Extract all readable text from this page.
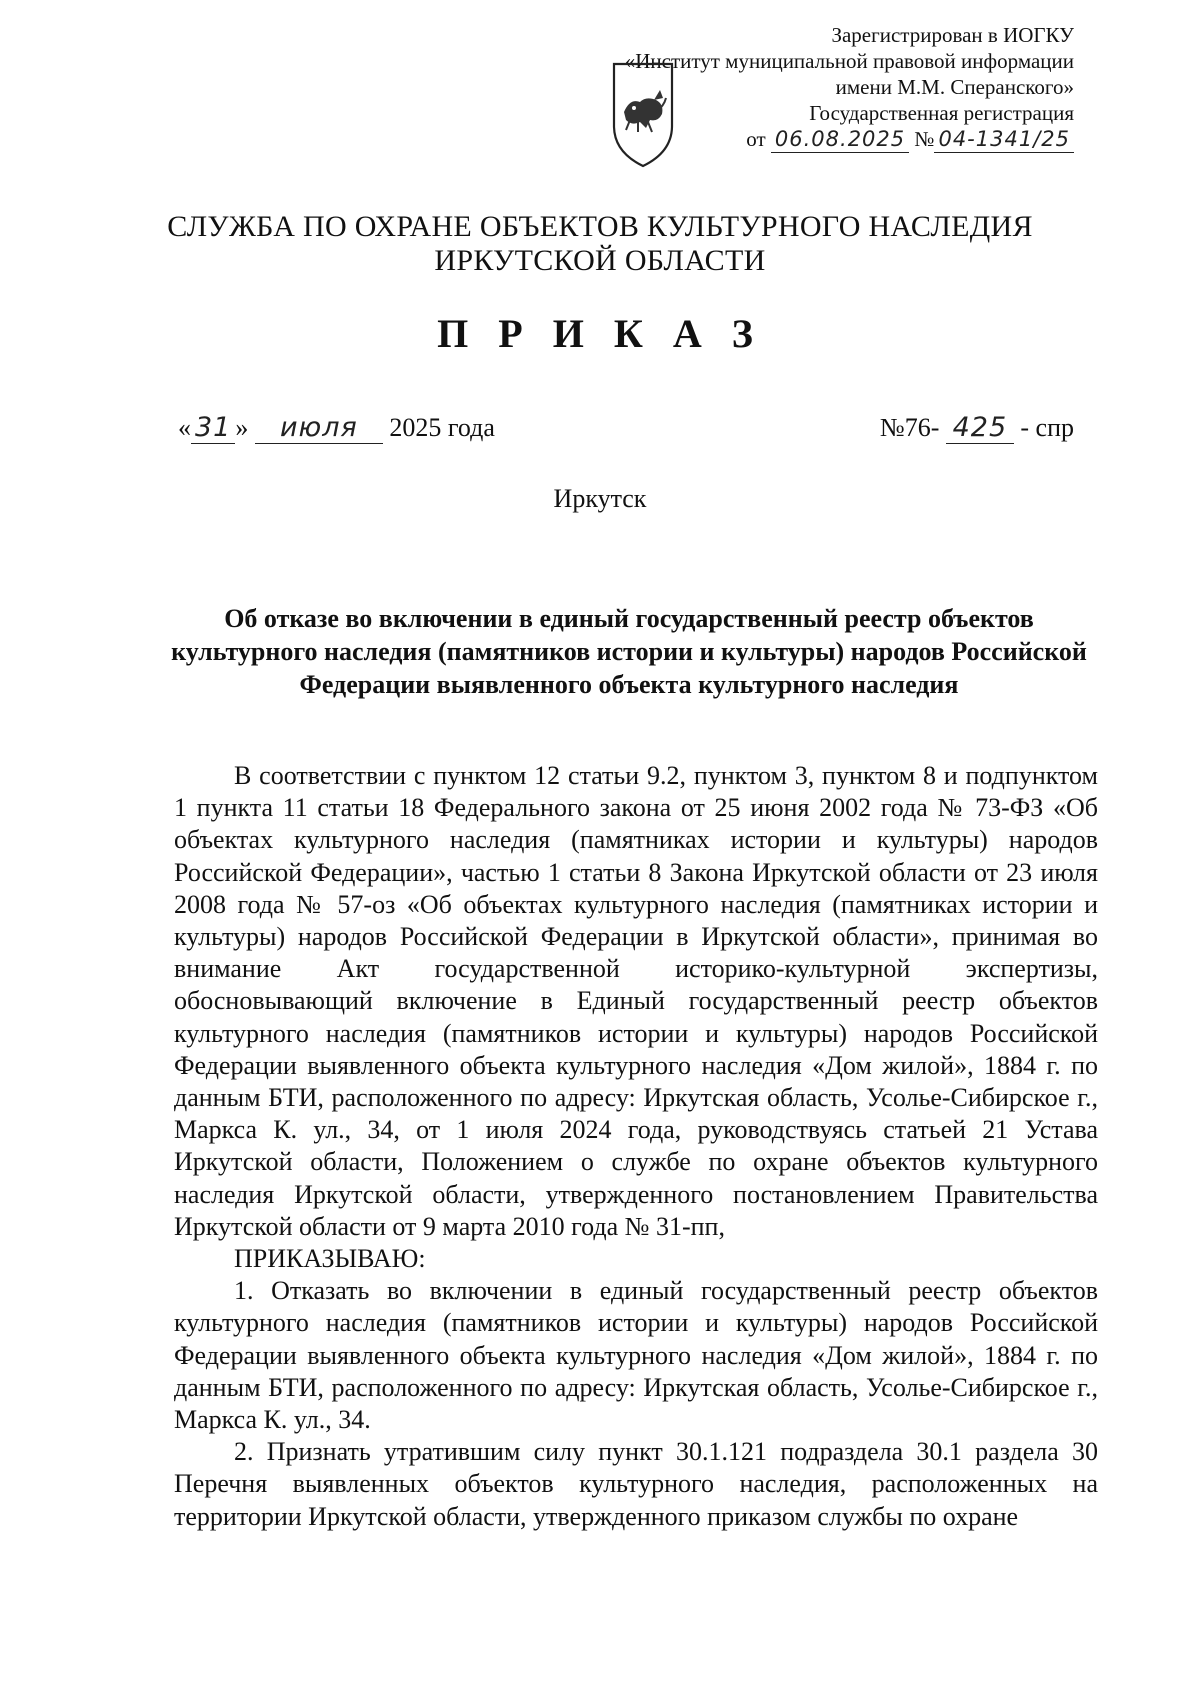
Зарегистрирован в ИОГКУ
«Институт муниципальной правовой информации
имени М.М. Сперанского»
Государственная регистрация
от 06.08.2025 № 04-1341/25
СЛУЖБА ПО ОХРАНЕ ОБЪЕКТОВ КУЛЬТУРНОГО НАСЛЕДИЯ
ИРКУТСКОЙ ОБЛАСТИ
П Р И К А З
« 31 » июля 2025 года	№76- 425 - спр
Иркутск
Об отказе во включении в единый государственный реестр объектов культурного наследия (памятников истории и культуры) народов Российской Федерации выявленного объекта культурного наследия

В соответствии с пунктом 12 статьи 9.2, пунктом 3, пунктом 8 и подпунктом 1 пункта 11 статьи 18 Федерального закона от 25 июня 2002 года № 73-ФЗ «Об объектах культурного наследия (памятниках истории и культуры) народов Российской Федерации», частью 1 статьи 8 Закона Иркутской области от 23 июля 2008 года № 57-оз «Об объектах культурного наследия (памятниках истории и культуры) народов Российской Федерации в Иркутской области», принимая во внимание Акт государственной историко-культурной экспертизы, обосновывающий включение в Единый государственный реестр объектов культурного наследия (памятников истории и культуры) народов Российской Федерации выявленного объекта культурного наследия «Дом жилой», 1884 г. по данным БТИ, расположенного по адресу: Иркутская область, Усолье-Сибирское г., Маркса К. ул., 34, от 1 июля 2024 года, руководствуясь статьей 21 Устава Иркутской области, Положением о службе по охране объектов культурного наследия Иркутской области, утвержденного постановлением Правительства Иркутской области от 9 марта 2010 года № 31-пп,

ПРИКАЗЫВАЮ:

1. Отказать во включении в единый государственный реестр объектов культурного наследия (памятников истории и культуры) народов Российской Федерации выявленного объекта культурного наследия «Дом жилой», 1884 г. по данным БТИ, расположенного по адресу: Иркутская область, Усолье-Сибирское г., Маркса К. ул., 34.

2. Признать утратившим силу пункт 30.1.121 подраздела 30.1 раздела 30 Перечня выявленных объектов культурного наследия, расположенных на территории Иркутской области, утвержденного приказом службы по охране
